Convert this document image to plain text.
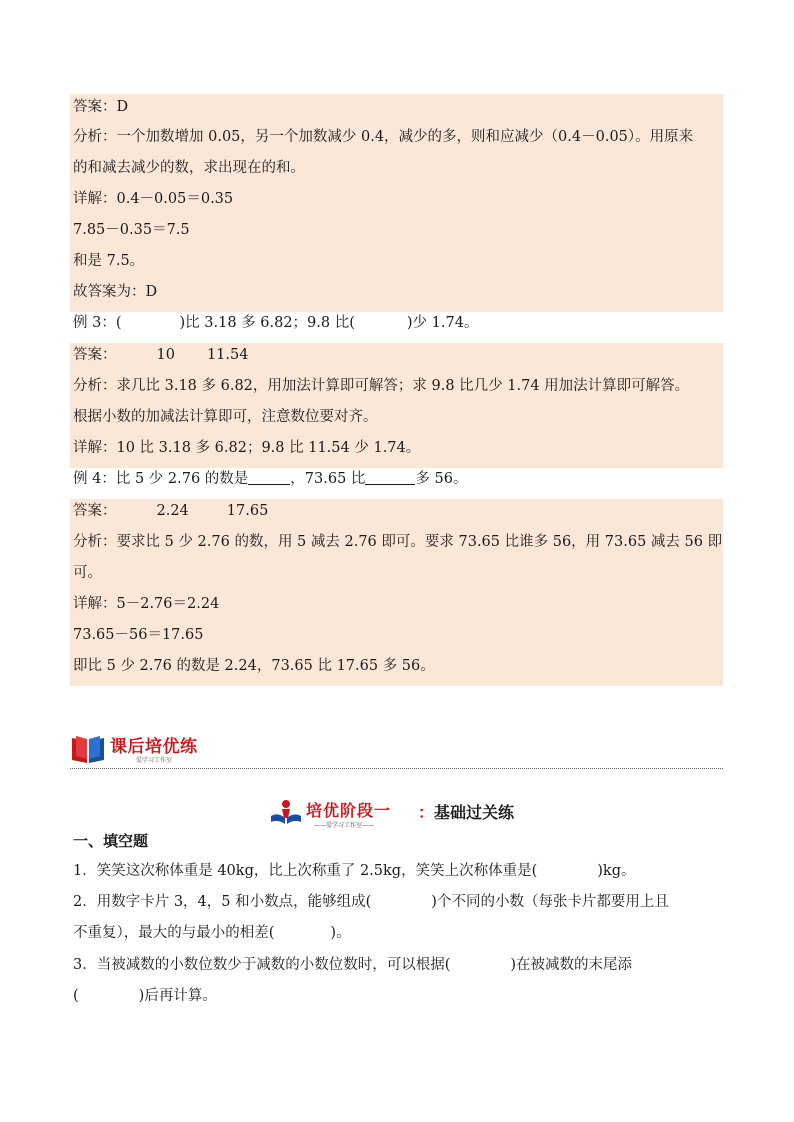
答案：D
分析：一个加数增加 0.05，另一个加数减少 0.4，减少的多，则和应减少（0.4－0.05）。用原来
的和减去减少的数，求出现在的和。
详解：0.4－0.05＝0.35
7.85－0.35＝7.5
和是 7.5。
故答案为：D
例 3：(	)比 3.18 多 6.82；9.8 比(	)少 1.74。
答案：	10 11.54
分析：求几比 3.18 多 6.82，用加法计算即可解答；求 9.8 比几少 1.74 用加法计算即可解答。
根据小数的加减法计算即可，注意数位要对齐。
详解：10 比 3.18 多 6.82；9.8 比 11.54 少 1.74。
例 4：比 5 少 2.76 的数是	，73.65 比	多 56。
答案：	2.24	17.65
分析：要求比 5 少 2.76 的数，用 5 减去 2.76 即可。要求 73.65 比谁多 56，用 73.65 减去 56 即
可。
详解：5－2.76＝2.24
73.65－56＝17.65
即比 5 少 2.76 的数是 2.24，73.65 比 17.65 多 56。
课后培优练
爱学习工作室
培优阶段一 ： 基础过关练
——爱学习工作室——
一、填空题
1．笑笑这次称体重是 40kg，比上次称重了 2.5kg，笑笑上次称体重是(	)kg。
2．用数字卡片 3，4，5 和小数点，能够组成(	)个不同的小数（每张卡片都要用上且
不重复），最大的与最小的相差(	)。
3．当被减数的小数位数少于减数的小数位数时，可以根据(	)在被减数的末尾添
(	)后再计算。
